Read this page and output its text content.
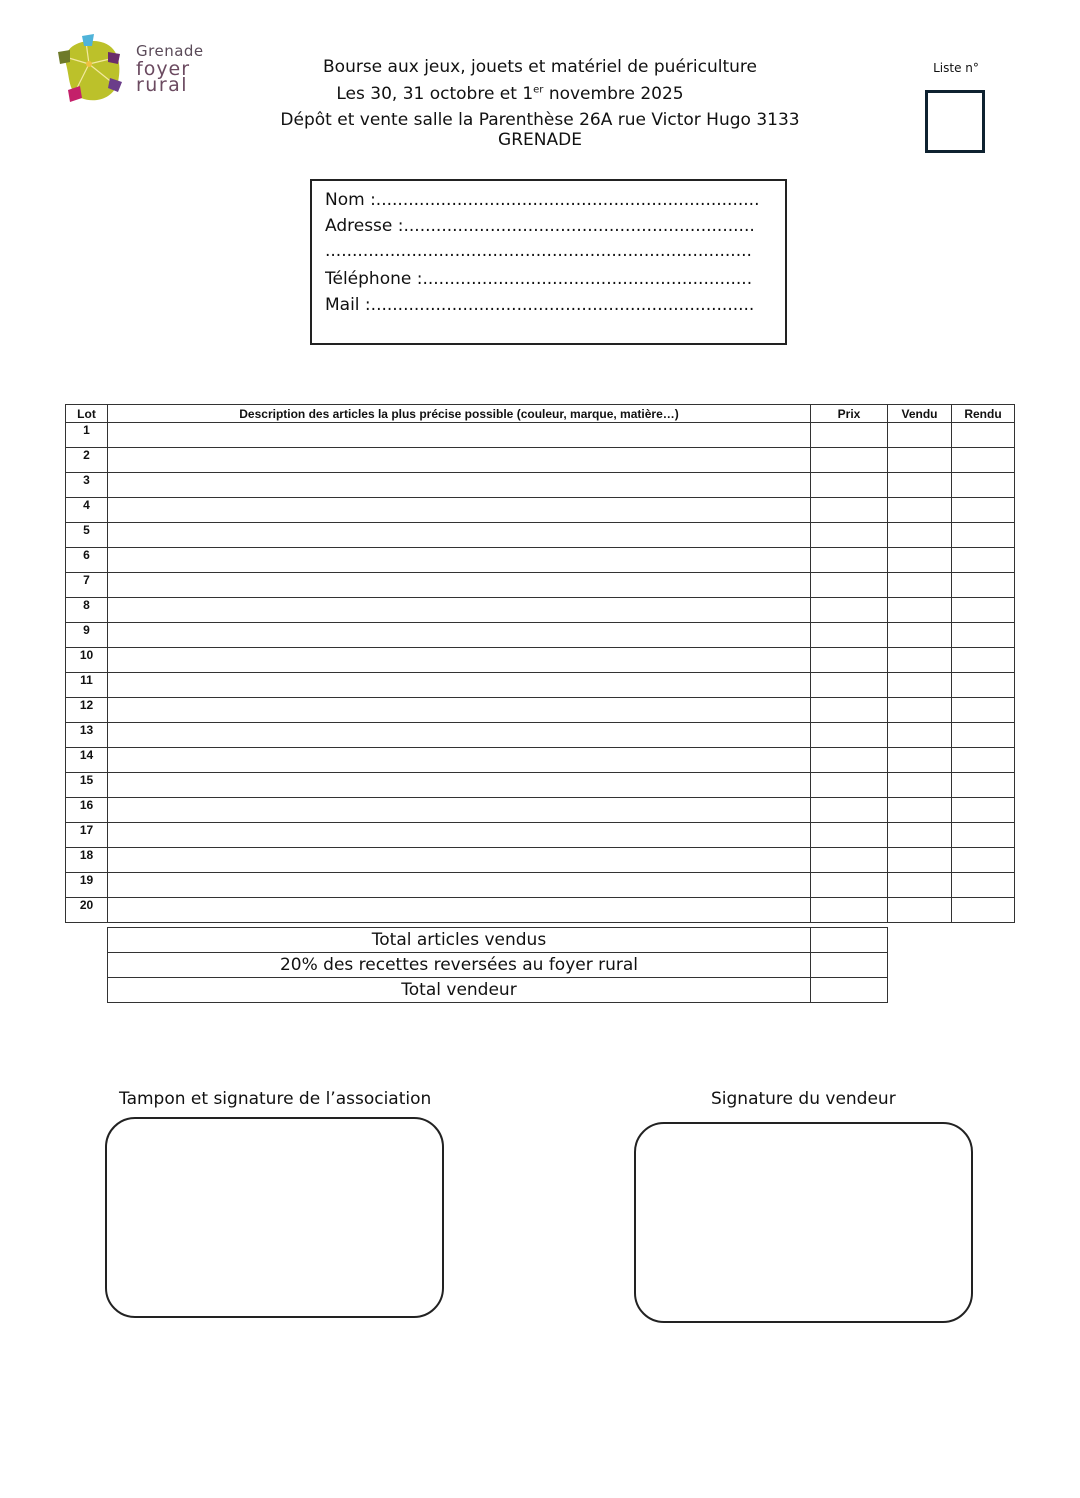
Grenade
foyer
rural
Bourse aux jeux, jouets et matériel de puériculture
Les 30, 31 octobre et 1er novembre 2025
Dépôt et vente salle la Parenthèse 26A rue Victor Hugo 3133 GRENADE
Liste n°
Nom :.......................................................................
Adresse :.................................................................
...............................................................................
Téléphone :.............................................................
Mail :.......................................................................
Lot	Description des articles la plus précise possible (couleur, marque, matière…)	Prix	Vendu	Rendu
1				
2				
3				
4				
5				
6				
7				
8				
9				
10				
11				
12				
13				
14				
15				
16				
17				
18				
19				
20				
Total articles vendus	
20% des recettes reversées au foyer rural	
Total vendeur	
Tampon et signature de l’association	Signature du vendeur
